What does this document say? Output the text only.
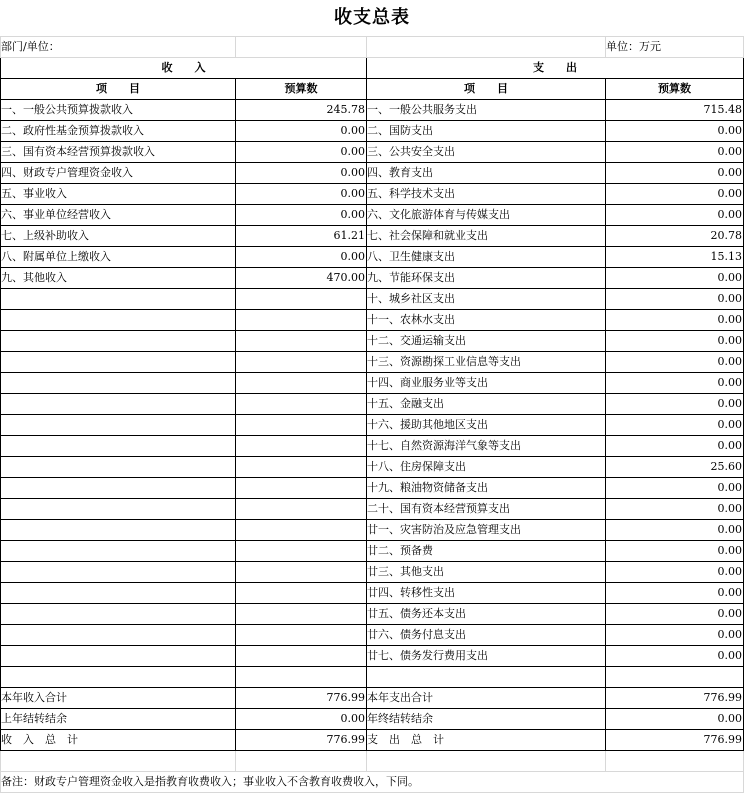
收支总表
部门/单位：			单位：万元
收　　入		支　　出	
项　　目	预算数	项　　目	预算数
一、一般公共预算拨款收入	245.78	一、一般公共服务支出	715.48
二、政府性基金预算拨款收入	0.00	二、国防支出	0.00
三、国有资本经营预算拨款收入	0.00	三、公共安全支出	0.00
四、财政专户管理资金收入	0.00	四、教育支出	0.00
五、事业收入	0.00	五、科学技术支出	0.00
六、事业单位经营收入	0.00	六、文化旅游体育与传媒支出	0.00
七、上级补助收入	61.21	七、社会保障和就业支出	20.78
八、附属单位上缴收入	0.00	八、卫生健康支出	15.13
九、其他收入	470.00	九、节能环保支出	0.00
		十、城乡社区支出	0.00
		十一、农林水支出	0.00
		十二、交通运输支出	0.00
		十三、资源勘探工业信息等支出	0.00
		十四、商业服务业等支出	0.00
		十五、金融支出	0.00
		十六、援助其他地区支出	0.00
		十七、自然资源海洋气象等支出	0.00
		十八、住房保障支出	25.60
		十九、粮油物资储备支出	0.00
		二十、国有资本经营预算支出	0.00
		廿一、灾害防治及应急管理支出	0.00
		廿二、预备费	0.00
		廿三、其他支出	0.00
		廿四、转移性支出	0.00
		廿五、债务还本支出	0.00
		廿六、债务付息支出	0.00
		廿七、债务发行费用支出	0.00

本年收入合计	776.99	本年支出合计	776.99
上年结转结余	0.00	年终结转结余	0.00
收　入　总　计	776.99	支　出　总　计	776.99

备注：财政专户管理资金收入是指教育收费收入；事业收入不含教育收费收入，下同。			
